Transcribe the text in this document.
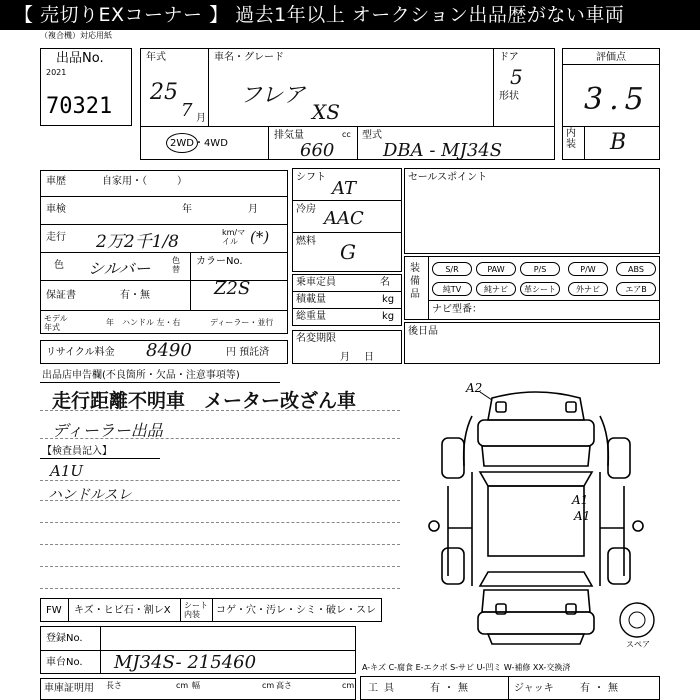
【 売切りEXコーナー 】 過去1年以上 オークション出品歴がない車両
（複合機）対応用紙
出品No.
2021
70321
年式
25
7 月
車名・グレード
フレア
XS
ドア
5
形状
2WD・4WD
排気量	cc
660
型式
DBA - MJ34S
評価点
3.5
内装 B
車歴	自家用・（　　　）
車検	年	月
走行 2万2千1/8	km/マイル (*)
色 シルバー	色替
カラーNo.
Z2S
保証書	有・無
モデル年式
年 ハンドル 左・右	ディーラー・並行
リサイクル料金 8490	円 預託済
シフト
AT
冷房 AAC
燃料 G
乗車定員	名
積載量	kg
総重量	kg
名変期限
月日
セールスポイント
装備品
ナビ型番：
後日品
出品店申告欄(不良箇所・欠品・注意事項等)
走行距離不明車　メーター改ざん車
ディーラー出品
【検査員記入】
A1U
ハンドルスレ
FW キズ・ヒビ石・割レX シート内装	コゲ・穴・汚レ・シミ・破レ・スレ
登録No.
車台No. MJ34S- 215460
車庫証明用 長さ	cm 幅	cm 高さ	cm
A-キズ C-腐食 E-エクボ S-サビ U-凹ミ W-補修 XX-交換済
工具	有・無	ジャッキ	有・無
A2
A1
A1
スペア
S/R	PAW	P/S	P/W	ABS
純TV	純ナビ	革シート	外ナビ	エアB
